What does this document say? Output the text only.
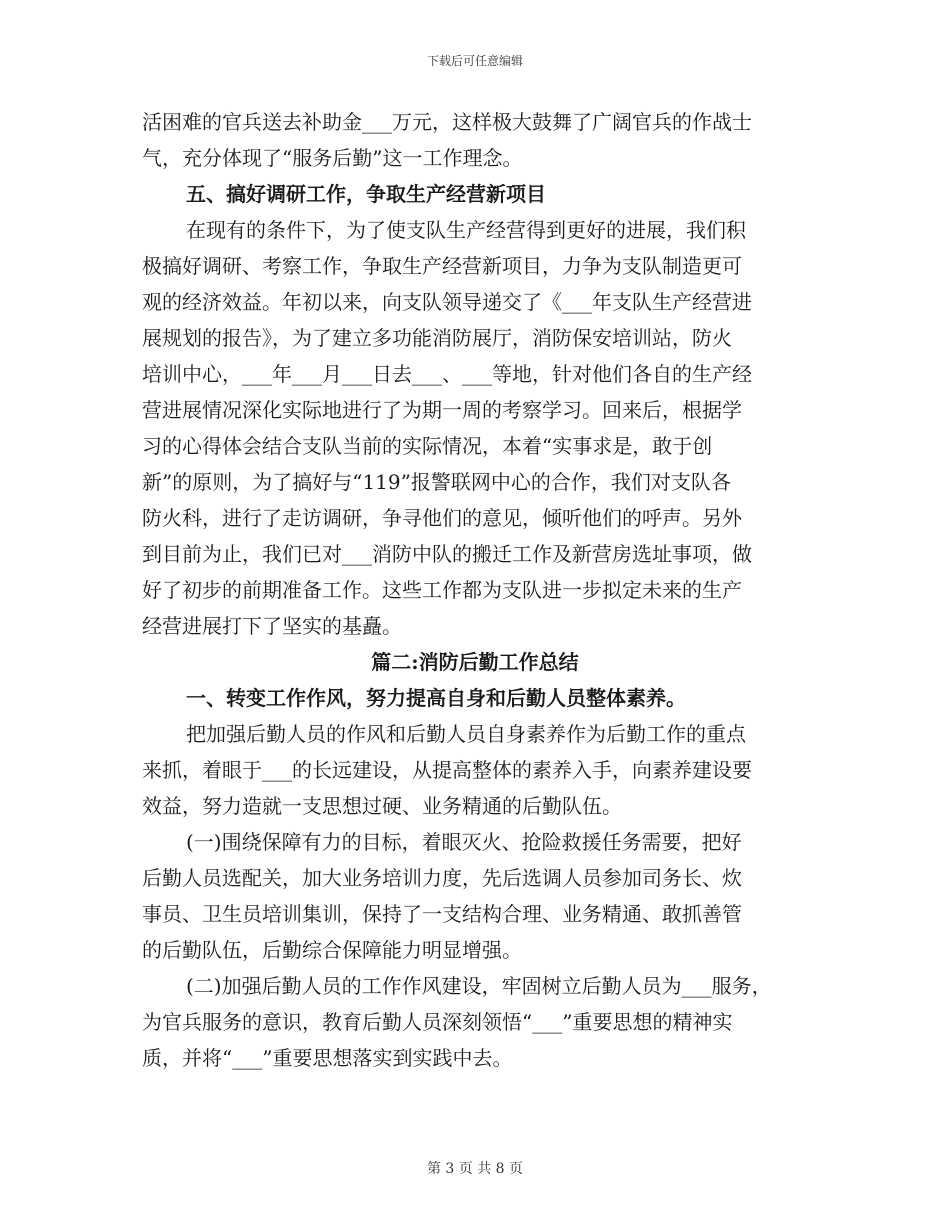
下载后可任意编辑
活困难的官兵送去补助金___万元，这样极大鼓舞了广阔官兵的作战士
气，充分体现了“服务后勤”这一工作理念。
五、搞好调研工作，争取生产经营新项目
在现有的条件下，为了使支队生产经营得到更好的进展，我们积
极搞好调研、考察工作，争取生产经营新项目，力争为支队制造更可
观的经济效益。年初以来，向支队领导递交了《___年支队生产经营进
展规划的报告》，为了建立多功能消防展厅，消防保安培训站，防火
培训中心，___年___月___日去___、___等地，针对他们各自的生产经
营进展情况深化实际地进行了为期一周的考察学习。回来后，根据学
习的心得体会结合支队当前的实际情况，本着“实事求是，敢于创
新”的原则，为了搞好与“119”报警联网中心的合作，我们对支队各
防火科，进行了走访调研，争寻他们的意见，倾听他们的呼声。另外
到目前为止，我们已对___消防中队的搬迁工作及新营房选址事项，做
好了初步的前期准备工作。这些工作都为支队进一步拟定未来的生产
经营进展打下了坚实的基矗。
篇二:消防后勤工作总结
一、转变工作作风，努力提高自身和后勤人员整体素养。
把加强后勤人员的作风和后勤人员自身素养作为后勤工作的重点
来抓，着眼于___的长远建设，从提高整体的素养入手，向素养建设要
效益，努力造就一支思想过硬、业务精通的后勤队伍。
(一)围绕保障有力的目标，着眼灭火、抢险救援任务需要，把好
后勤人员选配关，加大业务培训力度，先后选调人员参加司务长、炊
事员、卫生员培训集训，保持了一支结构合理、业务精通、敢抓善管
的后勤队伍，后勤综合保障能力明显增强。
(二)加强后勤人员的工作作风建设，牢固树立后勤人员为___服务，
为官兵服务的意识，教育后勤人员深刻领悟“___”重要思想的精神实
质，并将“___”重要思想落实到实践中去。
第 3 页 共 8 页
